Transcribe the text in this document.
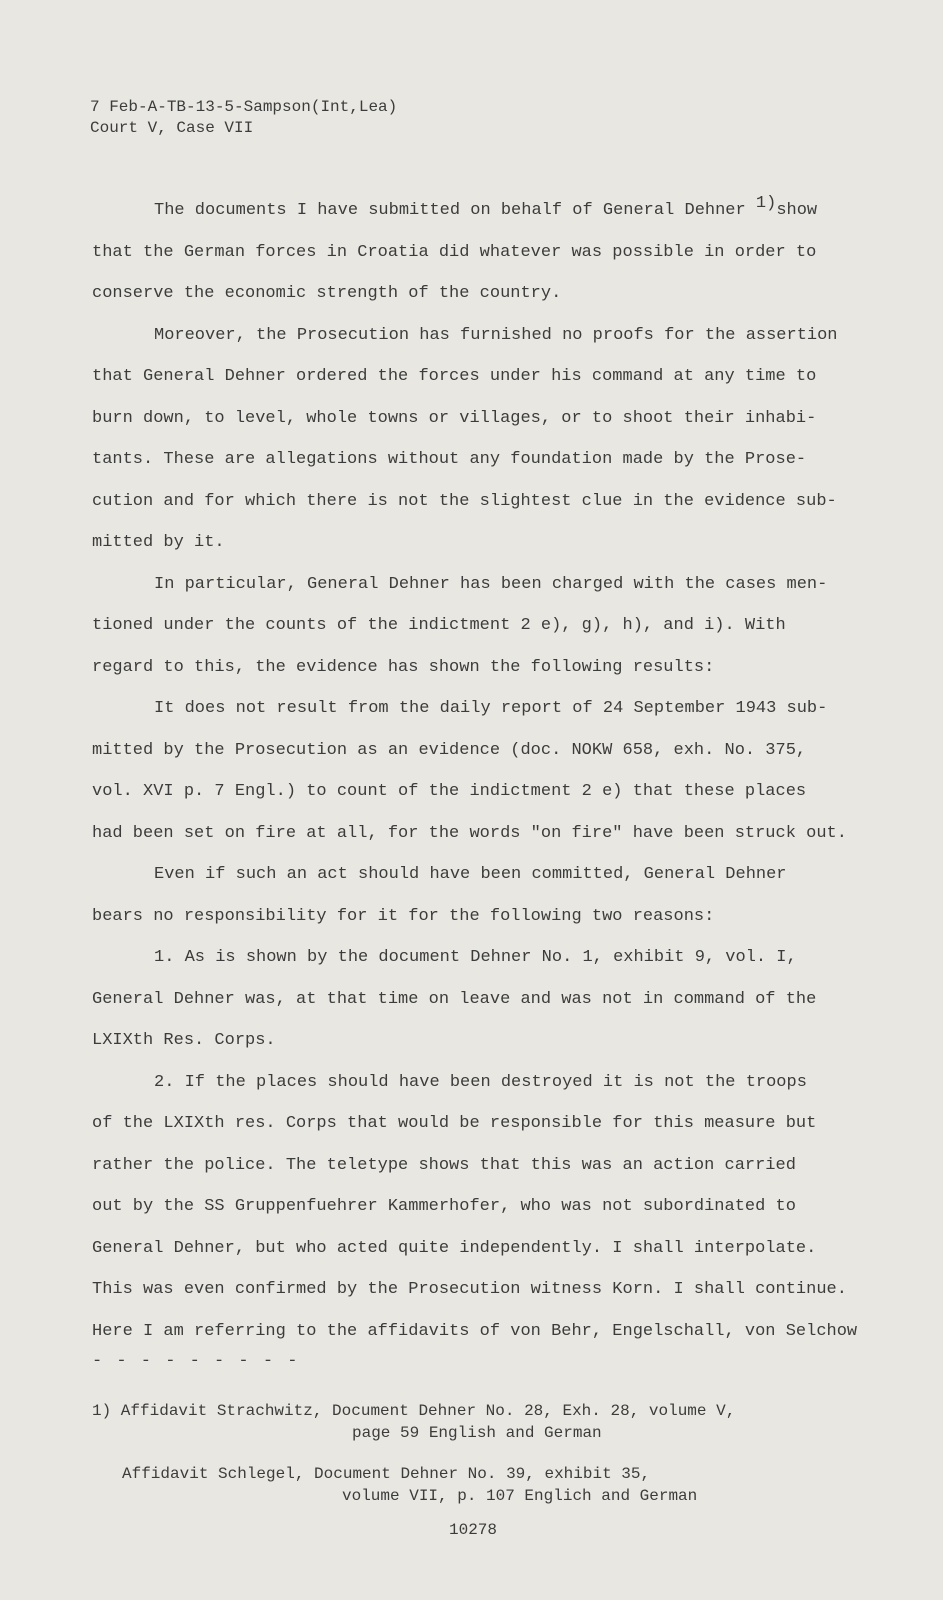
7 Feb-A-TB-13-5-Sampson(Int,Lea)
Court V, Case VII
The documents I have submitted on behalf of General Dehner 1)show
that the German forces in Croatia did whatever was possible in order to
conserve the economic strength of the country.
Moreover, the Prosecution has furnished no proofs for the assertion
that General Dehner ordered the forces under his command at any time to
burn down, to level, whole towns or villages, or to shoot their inhabi-
tants. These are allegations without any foundation made by the Prose-
cution and for which there is not the slightest clue in the evidence sub-
mitted by it.
In particular, General Dehner has been charged with the cases men-
tioned under the counts of the indictment 2 e), g), h), and i). With
regard to this, the evidence has shown the following results:
It does not result from the daily report of 24 September 1943 sub-
mitted by the Prosecution as an evidence (doc. NOKW 658, exh. No. 375,
vol. XVI p. 7 Engl.) to count of the indictment 2 e) that these places
had been set on fire at all, for the words "on fire" have been struck out.
Even if such an act should have been committed, General Dehner
bears no responsibility for it for the following two reasons:
1. As is shown by the document Dehner No. 1, exhibit 9, vol. I,
General Dehner was, at that time on leave and was not in command of the
LXIXth Res. Corps.
2. If the places should have been destroyed it is not the troops
of the LXIXth res. Corps that would be responsible for this measure but
rather the police. The teletype shows that this was an action carried
out by the SS Gruppenfuehrer Kammerhofer, who was not subordinated to
General Dehner, but who acted quite independently. I shall interpolate.
This was even confirmed by the Prosecution witness Korn. I shall continue.
Here I am referring to the affidavits of von Behr, Engelschall, von Selchow
- - - - - - - - -
1) Affidavit Strachwitz, Document Dehner No. 28, Exh. 28, volume V,
page 59 English and German
Affidavit Schlegel, Document Dehner No. 39, exhibit 35,
volume VII, p. 107 Englich and German
10278
